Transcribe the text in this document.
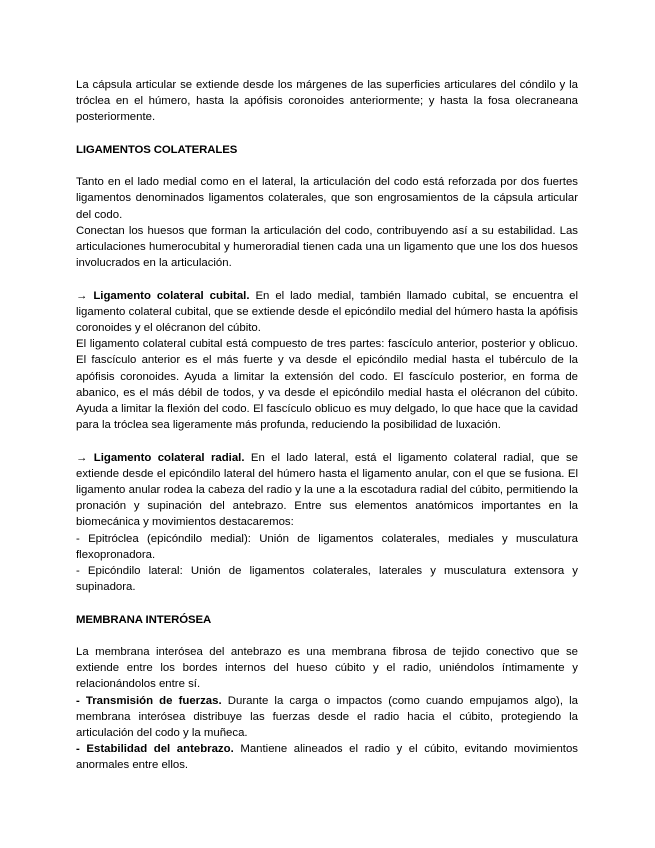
La cápsula articular se extiende desde los márgenes de las superficies articulares del cóndilo y la tróclea en el húmero, hasta la apófisis coronoides anteriormente; y hasta la fosa olecraneana posteriormente.

LIGAMENTOS COLATERALES

Tanto en el lado medial como en el lateral, la articulación del codo está reforzada por dos fuertes ligamentos denominados ligamentos colaterales, que son engrosamientos de la cápsula articular del codo.

Conectan los huesos que forman la articulación del codo, contribuyendo así a su estabilidad. Las articulaciones humerocubital y humeroradial tienen cada una un ligamento que une los dos huesos involucrados en la articulación.

→ Ligamento colateral cubital. En el lado medial, también llamado cubital, se encuentra el ligamento colateral cubital, que se extiende desde el epicóndilo medial del húmero hasta la apófisis coronoides y el olécranon del cúbito.

El ligamento colateral cubital está compuesto de tres partes: fascículo anterior, posterior y oblicuo. El fascículo anterior es el más fuerte y va desde el epicóndilo medial hasta el tubérculo de la apófisis coronoides. Ayuda a limitar la extensión del codo. El fascículo posterior, en forma de abanico, es el más débil de todos, y va desde el epicóndilo medial hasta el olécranon del cúbito. Ayuda a limitar la flexión del codo. El fascículo oblicuo es muy delgado, lo que hace que la cavidad para la tróclea sea ligeramente más profunda, reduciendo la posibilidad de luxación.

→ Ligamento colateral radial. En el lado lateral, está el ligamento colateral radial, que se extiende desde el epicóndilo lateral del húmero hasta el ligamento anular, con el que se fusiona. El ligamento anular rodea la cabeza del radio y la une a la escotadura radial del cúbito, permitiendo la pronación y supinación del antebrazo. Entre sus elementos anatómicos importantes en la biomecánica y movimientos destacaremos:

- Epitróclea (epicóndilo medial): Unión de ligamentos colaterales, mediales y musculatura flexopronadora.

- Epicóndilo lateral: Unión de ligamentos colaterales, laterales y musculatura extensora y supinadora.

MEMBRANA INTERÓSEA

La membrana interósea del antebrazo es una membrana fibrosa de tejido conectivo que se extiende entre los bordes internos del hueso cúbito y el radio, uniéndolos íntimamente y relacionándolos entre sí.

- Transmisión de fuerzas. Durante la carga o impactos (como cuando empujamos algo), la membrana interósea distribuye las fuerzas desde el radio hacia el cúbito, protegiendo la articulación del codo y la muñeca.

- Estabilidad del antebrazo. Mantiene alineados el radio y el cúbito, evitando movimientos anormales entre ellos.
